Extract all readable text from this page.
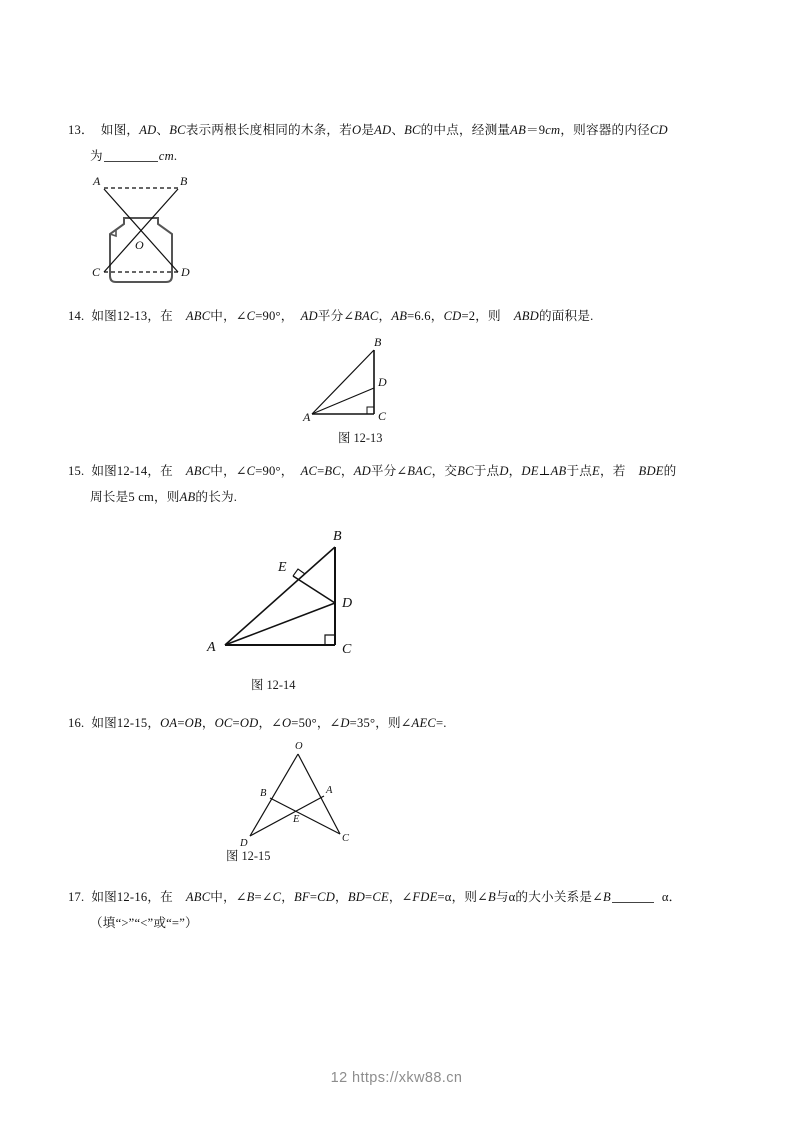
13． 如图，AD、BC表示两根长度相同的木条，若O是AD、BC的中点，经测量AB＝9cm，则容器的内径CD
为	cm.
A	B
O
C	D
14. 如图12-13，在 ABC中，∠C=90°， AD平分∠BAC，AB=6.6，CD=2，则 ABD的面积是.
B
D
A	C
图 12-13
15. 如图12-14，在 ABC中，∠C=90°， AC=BC，AD平分∠BAC，交BC于点D，DE⊥AB于点E，若 BDE的
周长是5 cm，则AB的长为.
B
E
D
A	C
图 12-14
16. 如图12-15，OA=OB，OC=OD，∠O=50°，∠D=35°，则∠AEC=.
O
B	A
E
D	C
图 12-15
17. 如图12-16，在 ABC中，∠B=∠C，BF=CD，BD=CE，∠FDE=α，则∠B与α的大小关系是∠B	α．
（填“>”“<”或“=”）
12 https://xkw88.cn
